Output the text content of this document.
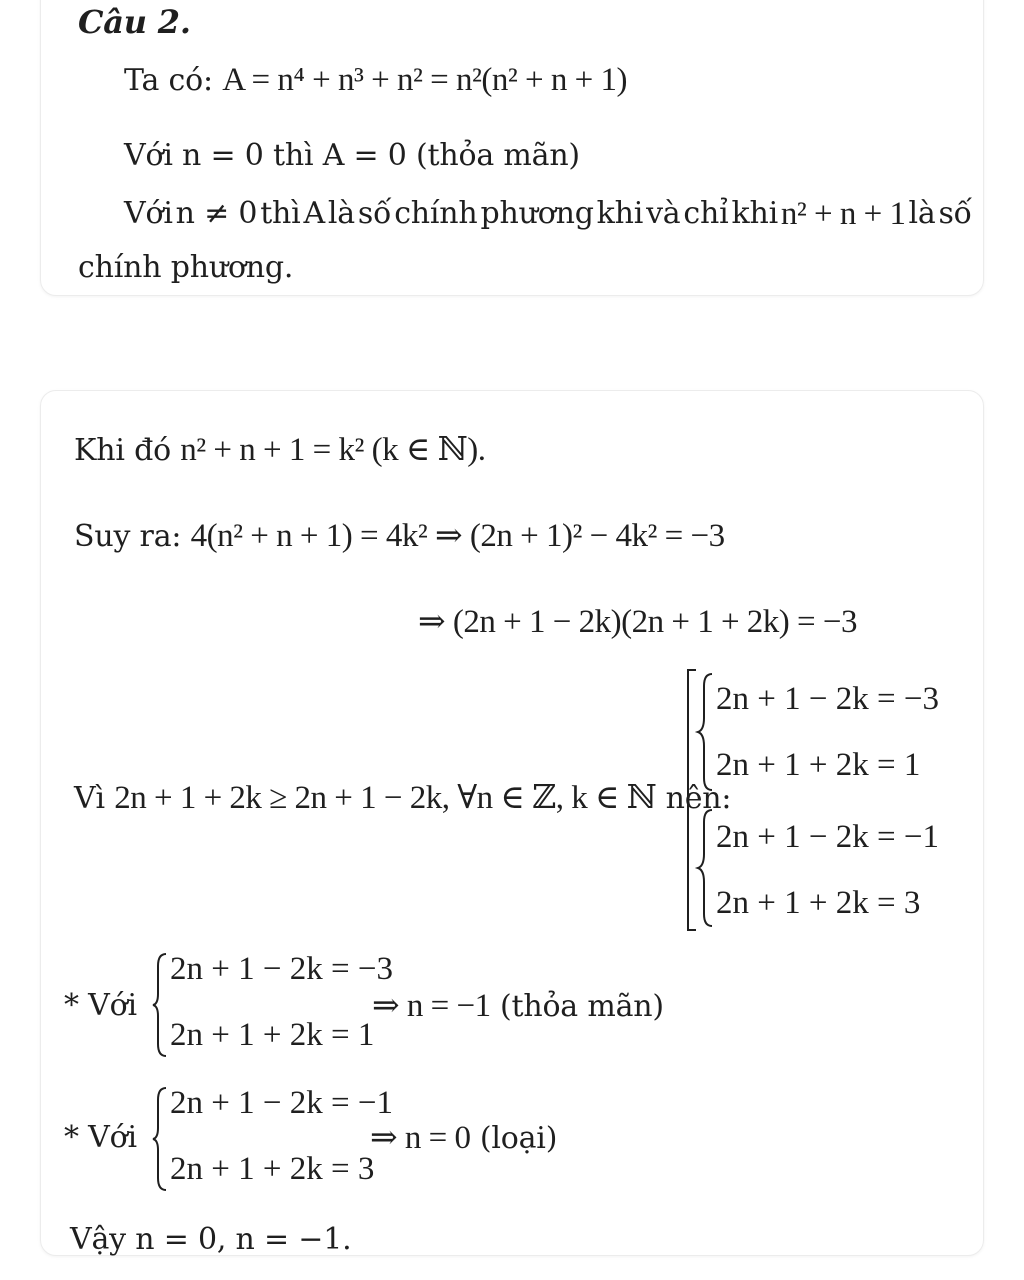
Câu 2.
Ta có: A = n⁴ + n³ + n² = n²(n² + n + 1)
Với n = 0 thì A = 0 (thỏa mãn)
Với n ≠ 0 thì A là số chính phương khi và chỉ khi n² + n + 1 là số
chính phương.
Khi đó n² + n + 1 = k² (k ∈ ℕ).
Suy ra: 4(n² + n + 1) = 4k² ⇒ (2n + 1)² − 4k² = −3
⇒ (2n + 1 − 2k)(2n + 1 + 2k) = −3
Vì 2n + 1 + 2k ≥ 2n + 1 − 2k, ∀n ∈ ℤ, k ∈ ℕ nên:
2n + 1 − 2k = −3
2n + 1 + 2k = 1
2n + 1 − 2k = −1
2n + 1 + 2k = 3
* Với
2n + 1 − 2k = −3
2n + 1 + 2k = 1
⇒ n = −1 (thỏa mãn)
* Với
2n + 1 − 2k = −1
2n + 1 + 2k = 3
⇒ n = 0 (loại)
Vậy n = 0, n = −1.
